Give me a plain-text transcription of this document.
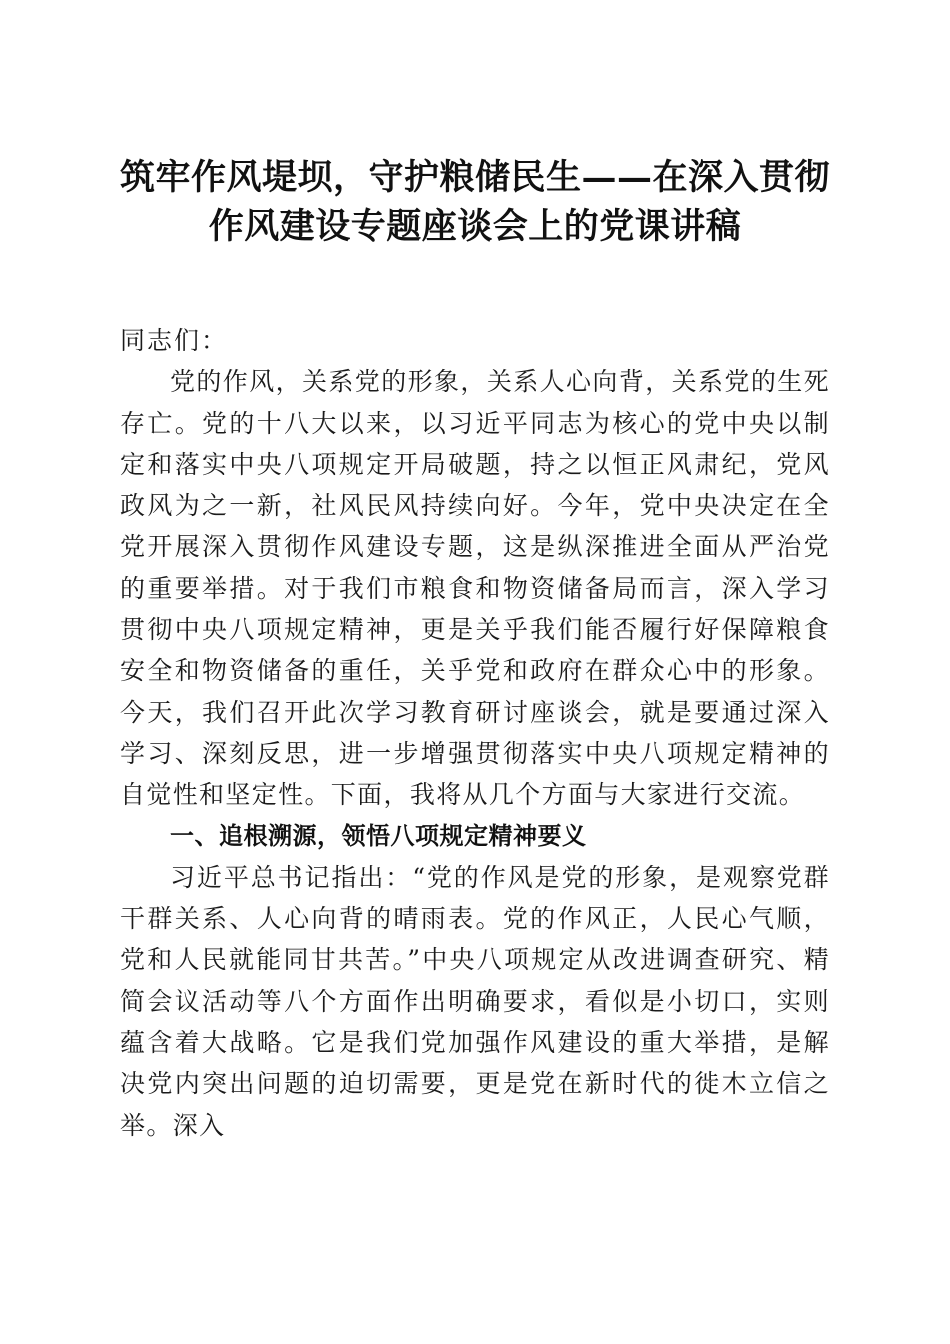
筑牢作风堤坝，守护粮储民生——在深入贯彻
作风建设专题座谈会上的党课讲稿

同志们：

党的作风，关系党的形象，关系人心向背，关系党的生死存亡。党的十八大以来，以习近平同志为核心的党中央以制定和落实中央八项规定开局破题，持之以恒正风肃纪，党风政风为之一新，社风民风持续向好。今年，党中央决定在全党开展深入贯彻作风建设专题，这是纵深推进全面从严治党的重要举措。对于我们市粮食和物资储备局而言，深入学习贯彻中央八项规定精神，更是关乎我们能否履行好保障粮食安全和物资储备的重任，关乎党和政府在群众心中的形象。今天，我们召开此次学习教育研讨座谈会，就是要通过深入学习、深刻反思，进一步增强贯彻落实中央八项规定精神的自觉性和坚定性。下面，我将从几个方面与大家进行交流。

一、追根溯源，领悟八项规定精神要义

习近平总书记指出：“党的作风是党的形象，是观察党群干群关系、人心向背的晴雨表。党的作风正，人民心气顺，党和人民就能同甘共苦。”中央八项规定从改进调查研究、精简会议活动等八个方面作出明确要求，看似是小切口，实则蕴含着大战略。它是我们党加强作风建设的重大举措，是解决党内突出问题的迫切需要，更是党在新时代的徙木立信之举。深入
